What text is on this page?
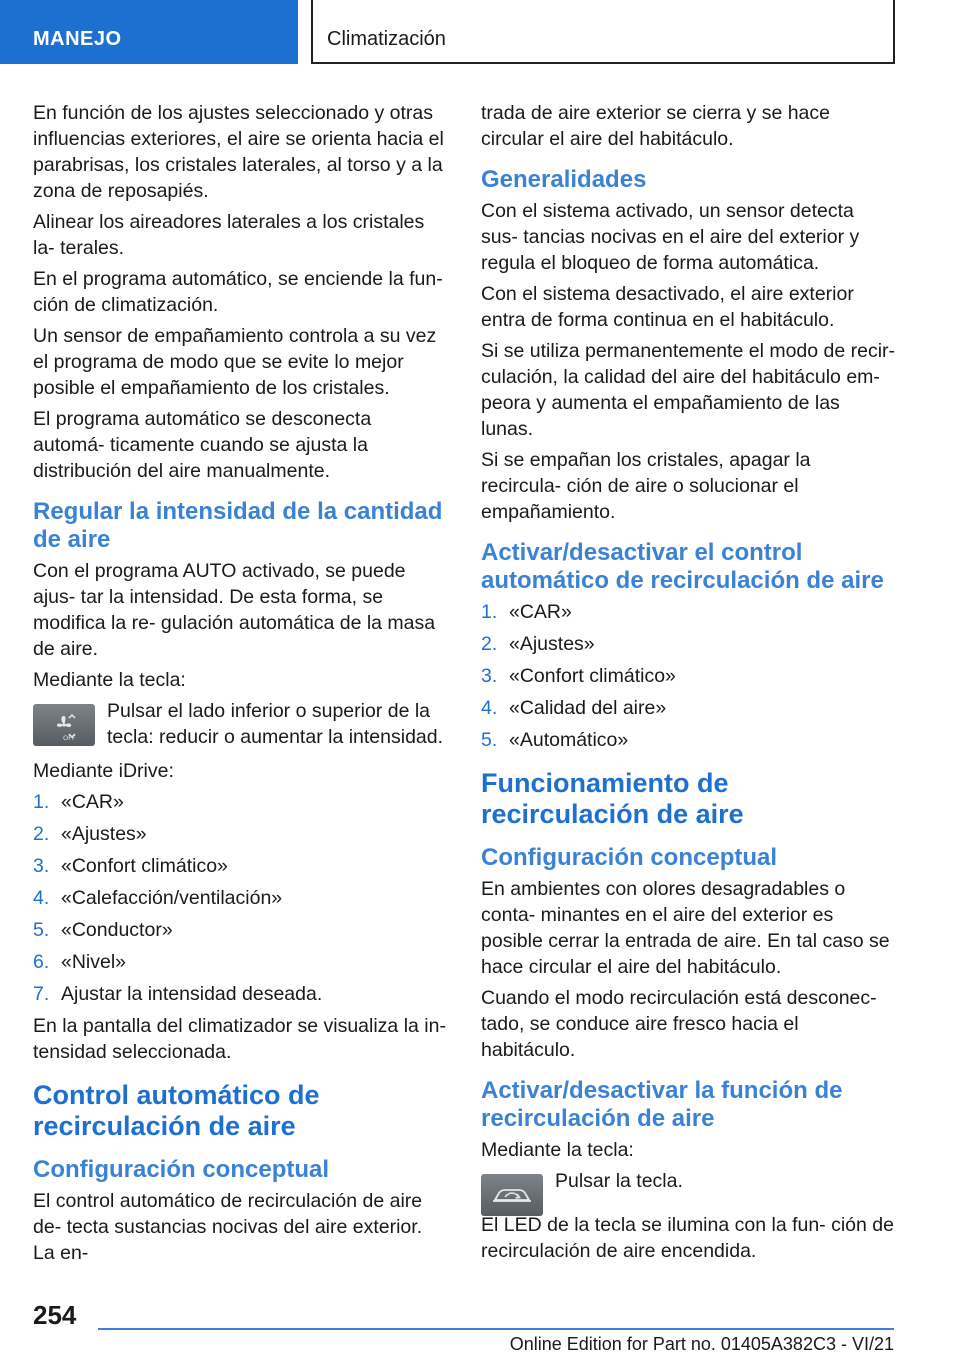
MANEJO	Climatización

En función de los ajustes seleccionado y otras influencias exteriores, el aire se orienta hacia el parabrisas, los cristales laterales, al torso y a la zona de reposapiés.

Alinear los aireadores laterales a los cristales la- terales.

En el programa automático, se enciende la fun- ción de climatización.

Un sensor de empañamiento controla a su vez el programa de modo que se evite lo mejor posible el empañamiento de los cristales.

El programa automático se desconecta automá- ticamente cuando se ajusta la distribución del aire manualmente.

Regular la intensidad de la cantidad de aire

Con el programa AUTO activado, se puede ajus- tar la intensidad. De esta forma, se modifica la re- gulación automática de la masa de aire.

Mediante la tecla:

OFF
Pulsar el lado inferior o superior de la tecla: reducir o aumentar la intensidad.

Mediante iDrive:

1. «CAR»
2. «Ajustes»
3. «Confort climático»
4. «Calefacción/ventilación»
5. «Conductor»
6. «Nivel»
7. Ajustar la intensidad deseada.

En la pantalla del climatizador se visualiza la in- tensidad seleccionada.

Control automático de recirculación de aire
Configuración conceptual

El control automático de recirculación de aire de- tecta sustancias nocivas del aire exterior. La en-

trada de aire exterior se cierra y se hace circular el aire del habitáculo.

Generalidades

Con el sistema activado, un sensor detecta sus- tancias nocivas en el aire del exterior y regula el bloqueo de forma automática.

Con el sistema desactivado, el aire exterior entra de forma continua en el habitáculo.

Si se utiliza permanentemente el modo de recir- culación, la calidad del aire del habitáculo em- peora y aumenta el empañamiento de las lunas.

Si se empañan los cristales, apagar la recircula- ción de aire o solucionar el empañamiento.

Activar/desactivar el control automático de recirculación de aire
1. «CAR»
2. «Ajustes»
3. «Confort climático»
4. «Calidad del aire»
5. «Automático»
Funcionamiento de recirculación de aire
Configuración conceptual

En ambientes con olores desagradables o conta- minantes en el aire del exterior es posible cerrar la entrada de aire. En tal caso se hace circular el aire del habitáculo.

Cuando el modo recirculación está desconec- tado, se conduce aire fresco hacia el habitáculo.

Activar/desactivar la función de recirculación de aire

Mediante la tecla:

Pulsar la tecla.

El LED de la tecla se ilumina con la fun- ción de recirculación de aire encendida.

254
Online Edition for Part no. 01405A382C3 - VI/21
